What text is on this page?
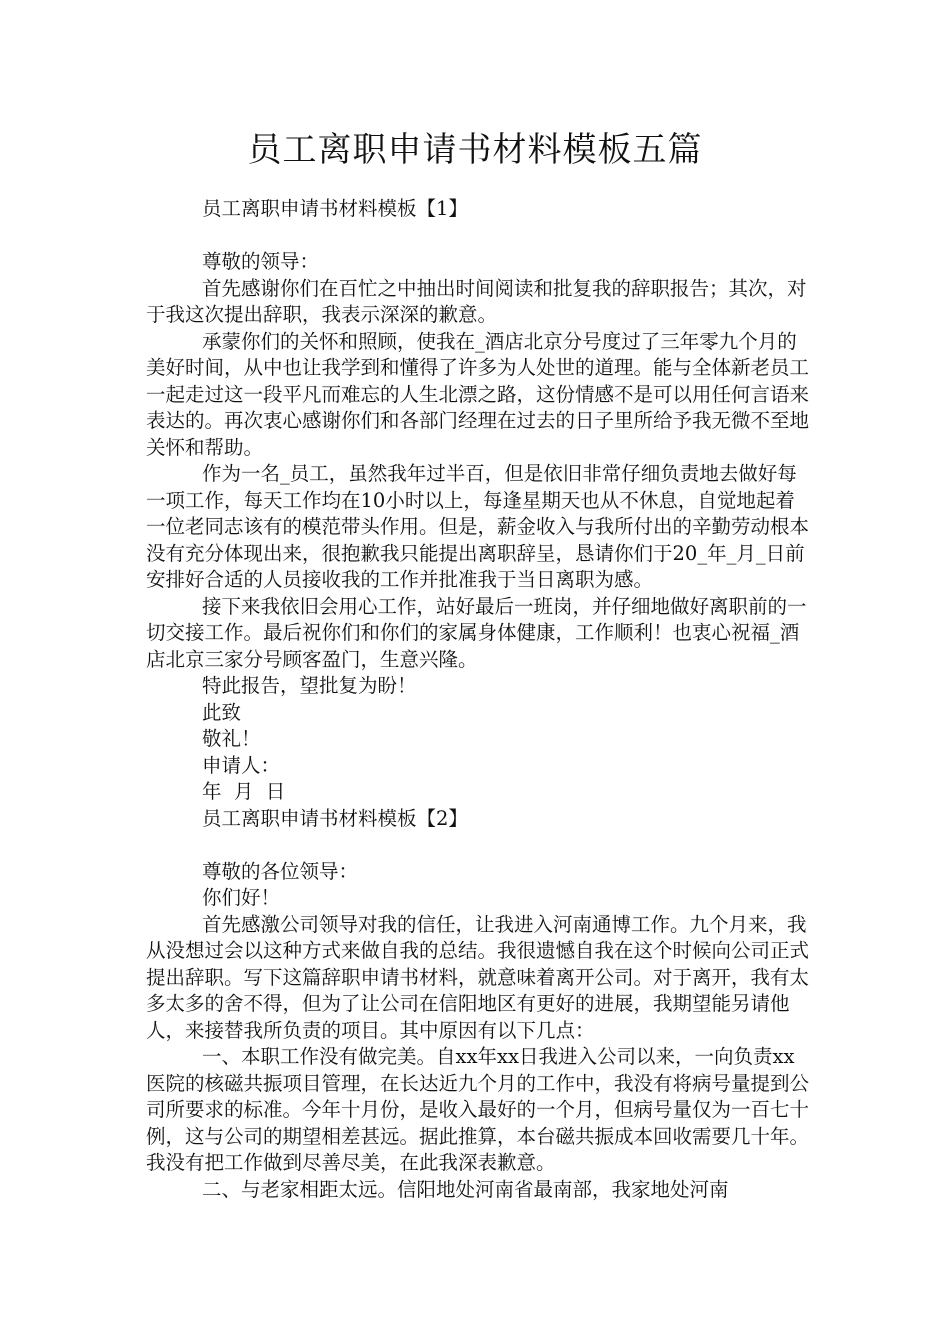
员工离职申请书材料模板五篇

员工离职申请书材料模板【1】

尊敬的领导：

首先感谢你们在百忙之中抽出时间阅读和批复我的辞职报告；其次，对于我这次提出辞职，我表示深深的歉意。

承蒙你们的关怀和照顾，使我在_酒店北京分号度过了三年零九个月的美好时间，从中也让我学到和懂得了许多为人处世的道理。能与全体新老员工一起走过这一段平凡而难忘的人生北漂之路，这份情感不是可以用任何言语来表达的。再次衷心感谢你们和各部门经理在过去的日子里所给予我无微不至地关怀和帮助。

作为一名_员工，虽然我年过半百，但是依旧非常仔细负责地去做好每一项工作，每天工作均在10小时以上，每逢星期天也从不休息，自觉地起着一位老同志该有的模范带头作用。但是，薪金收入与我所付出的辛勤劳动根本没有充分体现出来，很抱歉我只能提出离职辞呈，恳请你们于20_年_月_日前安排好合适的人员接收我的工作并批准我于当日离职为感。

接下来我依旧会用心工作，站好最后一班岗，并仔细地做好离职前的一切交接工作。最后祝你们和你们的家属身体健康，工作顺利！也衷心祝福_酒店北京三家分号顾客盈门，生意兴隆。

特此报告，望批复为盼！

此致

敬礼！

申请人：

年  月  日

员工离职申请书材料模板【2】

尊敬的各位领导：

你们好！

首先感激公司领导对我的信任，让我进入河南通博工作。九个月来，我从没想过会以这种方式来做自我的总结。我很遗憾自我在这个时候向公司正式提出辞职。写下这篇辞职申请书材料，就意味着离开公司。对于离开，我有太多太多的舍不得，但为了让公司在信阳地区有更好的进展，我期望能另请他人，来接替我所负责的项目。其中原因有以下几点：

一、本职工作没有做完美。自xx年xx日我进入公司以来，一向负责xx医院的核磁共振项目管理，在长达近九个月的工作中，我没有将病号量提到公司所要求的标准。今年十月份，是收入最好的一个月，但病号量仅为一百七十例，这与公司的期望相差甚远。据此推算，本台磁共振成本回收需要几十年。我没有把工作做到尽善尽美，在此我深表歉意。

二、与老家相距太远。信阳地处河南省最南部，我家地处河南
